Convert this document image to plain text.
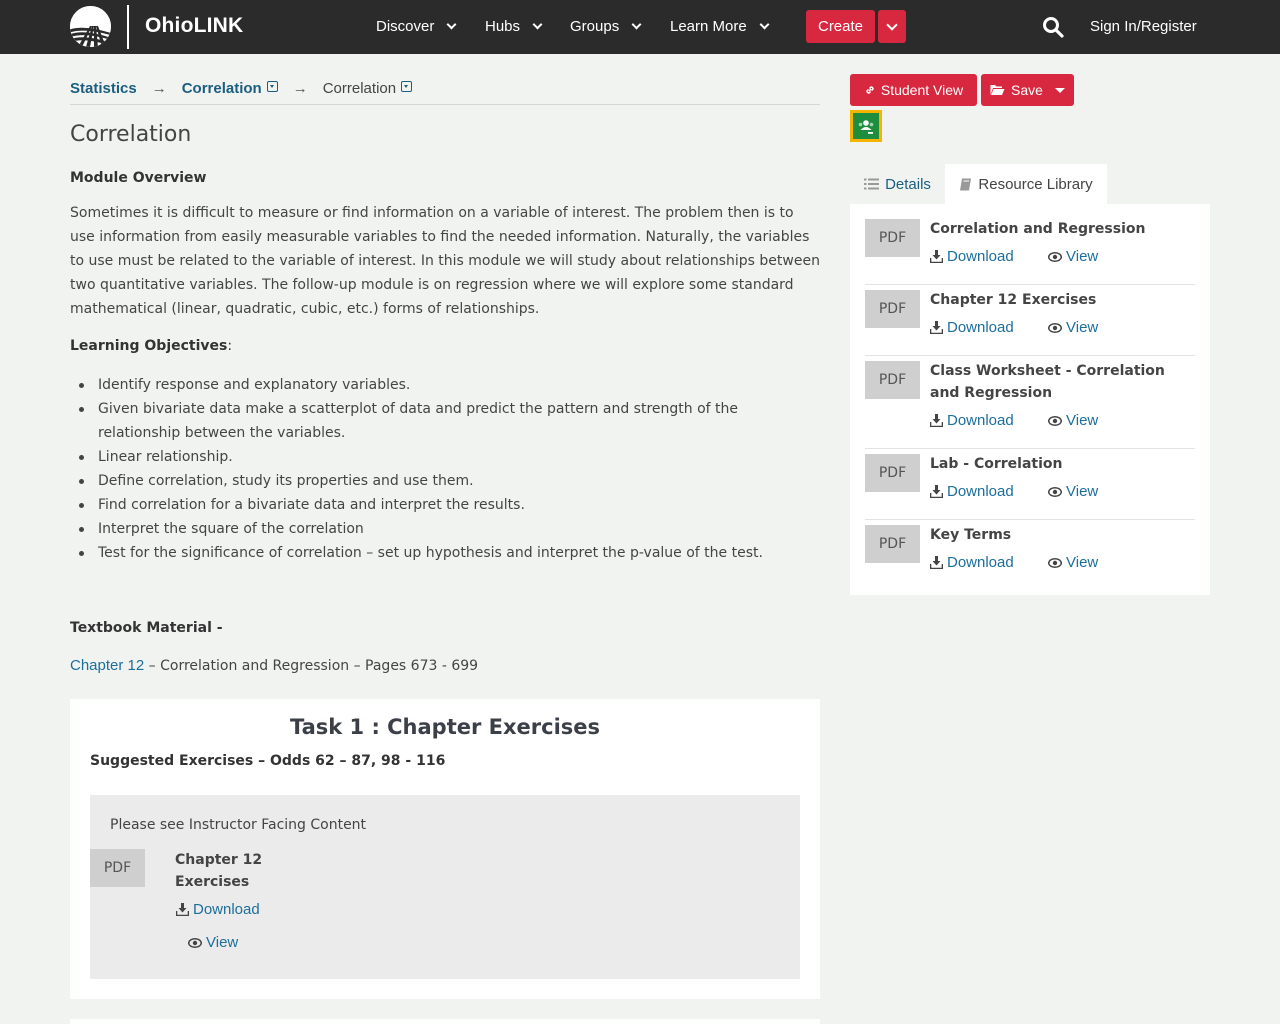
OhioLINK	Discover	Hubs	Groups	Learn More	Create	Sign In/Register
Statistics → Correlation → Correlation
Correlation
Module Overview

Sometimes it is difficult to measure or find information on a variable of interest. The problem then is to use information from easily measurable variables to find the needed information. Naturally, the variables to use must be related to the variable of interest. In this module we will study about relationships between two quantitative variables. The follow-up module is on regression where we will explore some standard mathematical (linear, quadratic, cubic, etc.) forms of relationships.

Learning Objectives:
Identify response and explanatory variables.
Given bivariate data make a scatterplot of data and predict the pattern and strength of the relationship between the variables.
Linear relationship.
Define correlation, study its properties and use them.
Find correlation for a bivariate data and interpret the results.
Interpret the square of the correlation
Test for the significance of correlation – set up hypothesis and interpret the p-value of the test.
Textbook Material -
Chapter 12 – Correlation and Regression – Pages 673 - 699
Task 1 : Chapter Exercises
Suggested Exercises – Odds 62 – 87, 98 - 116
Please see Instructor Facing Content
PDF	Chapter 12 Exercises
Download
View
Student View	Save
Details	Resource Library
PDF
Correlation and Regression
Download	View
PDF
Chapter 12 Exercises
Download	View
PDF
Class Worksheet - Correlation and Regression
Download	View
PDF
Lab - Correlation
Download	View
PDF
Key Terms
Download	View
